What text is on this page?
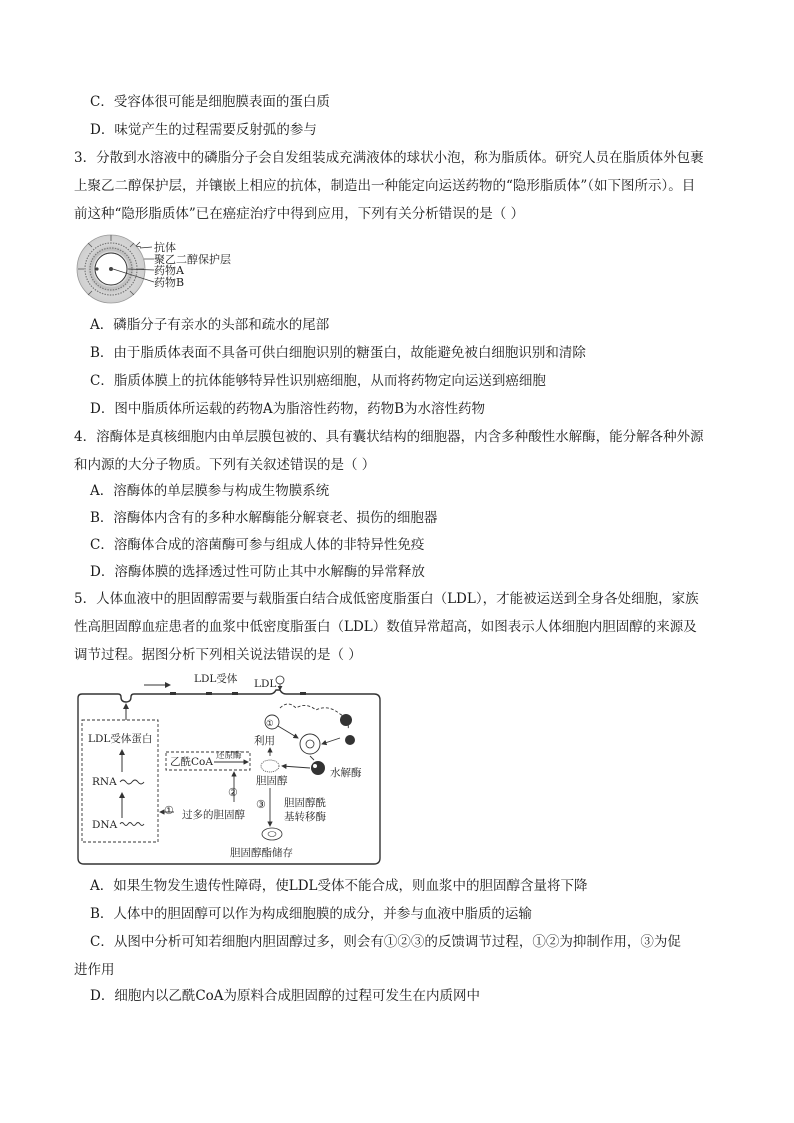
C．受容体很可能是细胞膜表面的蛋白质
D．味觉产生的过程需要反射弧的参与
3．分散到水溶液中的磷脂分子会自发组装成充满液体的球状小泡，称为脂质体。研究人员在脂质体外包裹
上聚乙二醇保护层，并镶嵌上相应的抗体，制造出一种能定向运送药物的“隐形脂质体”（如下图所示）。目
前这种“隐形脂质体”已在癌症治疗中得到应用，下列有关分析错误的是（ ）
抗体
聚乙二醇保护层
药物A
药物B
A．磷脂分子有亲水的头部和疏水的尾部
B．由于脂质体表面不具备可供白细胞识别的糖蛋白，故能避免被白细胞识别和清除
C．脂质体膜上的抗体能够特异性识别癌细胞，从而将药物定向运送到癌细胞
D．图中脂质体所运载的药物A为脂溶性药物，药物B为水溶性药物
4．溶酶体是真核细胞内由单层膜包被的、具有囊状结构的细胞器，内含多种酸性水解酶，能分解各种外源
和内源的大分子物质。下列有关叙述错误的是（ ）
A．溶酶体的单层膜参与构成生物膜系统
B．溶酶体内含有的多种水解酶能分解衰老、损伤的细胞器
C．溶酶体合成的溶菌酶可参与组成人体的非特异性免疫
D．溶酶体膜的选择透过性可防止其中水解酶的异常释放
5．人体血液中的胆固醇需要与载脂蛋白结合成低密度脂蛋白（LDL），才能被运送到全身各处细胞，家族
性高胆固醇血症患者的血浆中低密度脂蛋白（LDL）数值异常超高，如图表示人体细胞内胆固醇的来源及
调节过程。据图分析下列相关说法错误的是（ ）
LDL受体 LDL
LDL受体蛋白
RNA
DNA
乙酰CoA 还原酶
胆固醇
利用
①
水解酶
②
① 过多的胆固醇
③ 胆固醇酰
基转移酶
胆固醇酯储存
A．如果生物发生遗传性障碍，使LDL受体不能合成，则血浆中的胆固醇含量将下降
B．人体中的胆固醇可以作为构成细胞膜的成分，并参与血液中脂质的运输
C．从图中分析可知若细胞内胆固醇过多，则会有①②③的反馈调节过程，①②为抑制作用，③为促
进作用
D．细胞内以乙酰CoA为原料合成胆固醇的过程可发生在内质网中
